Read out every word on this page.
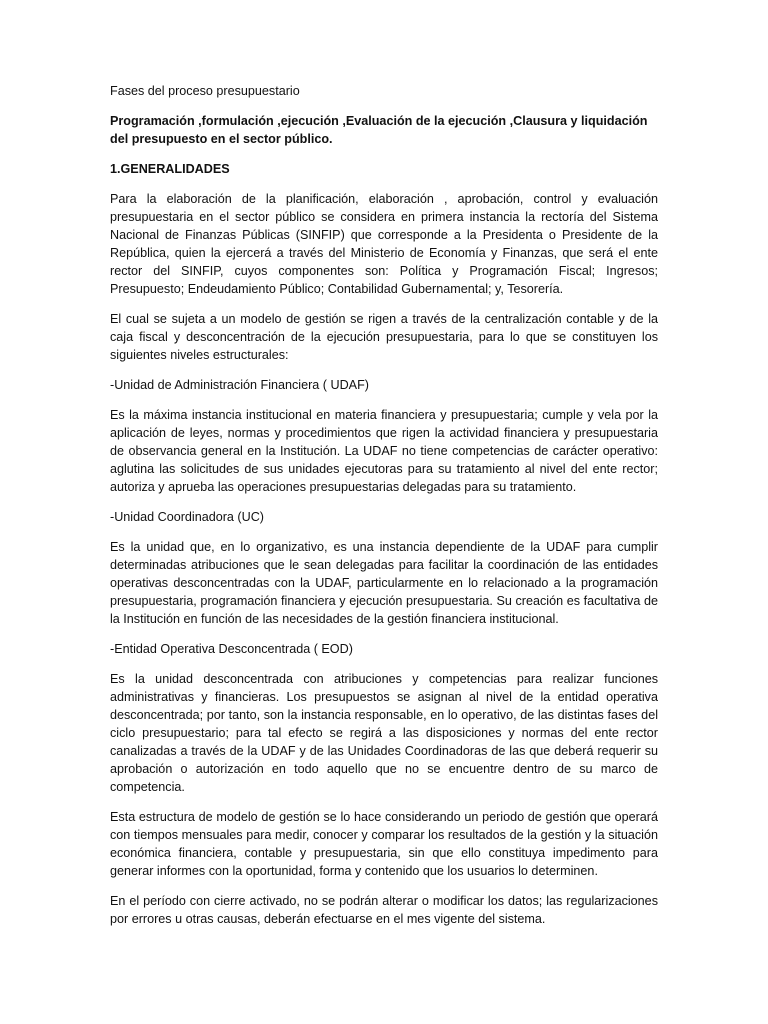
Fases del proceso presupuestario
Programación ,formulación ,ejecución ,Evaluación de la ejecución ,Clausura y liquidación del presupuesto en el sector público.
1.GENERALIDADES

Para la elaboración de la planificación, elaboración , aprobación, control y evaluación presupuestaria en el sector público se considera en primera instancia la rectoría del Sistema Nacional de Finanzas Públicas (SINFIP) que corresponde a la Presidenta o Presidente de la República, quien la ejercerá a través del Ministerio de Economía y Finanzas, que será el ente rector del SINFIP, cuyos componentes son: Política y Programación Fiscal; Ingresos; Presupuesto; Endeudamiento Público; Contabilidad Gubernamental; y, Tesorería.

El cual se sujeta a un modelo de gestión se rigen a través de la centralización contable y de la caja fiscal y desconcentración de la ejecución presupuestaria, para lo que se constituyen los siguientes niveles estructurales:

-Unidad de Administración Financiera ( UDAF)

Es la máxima instancia institucional en materia financiera y presupuestaria; cumple y vela por la aplicación de leyes, normas y procedimientos que rigen la actividad financiera y presupuestaria de observancia general en la Institución. La UDAF no tiene competencias de carácter operativo: aglutina las solicitudes de sus unidades ejecutoras para su tratamiento al nivel del ente rector; autoriza y aprueba las operaciones presupuestarias delegadas para su tratamiento.

-Unidad Coordinadora (UC)

Es la unidad que, en lo organizativo, es una instancia dependiente de la UDAF para cumplir determinadas atribuciones que le sean delegadas para facilitar la coordinación de las entidades operativas desconcentradas con la UDAF, particularmente en lo relacionado a la programación presupuestaria, programación financiera y ejecución presupuestaria. Su creación es facultativa de la Institución en función de las necesidades de la gestión financiera institucional.

-Entidad Operativa Desconcentrada ( EOD)

Es la unidad desconcentrada con atribuciones y competencias para realizar funciones administrativas y financieras. Los presupuestos se asignan al nivel de la entidad operativa desconcentrada; por tanto, son la instancia responsable, en lo operativo, de las distintas fases del ciclo presupuestario; para tal efecto se regirá a las disposiciones y normas del ente rector canalizadas a través de la UDAF y de las Unidades Coordinadoras de las que deberá requerir su aprobación o autorización en todo aquello que no se encuentre dentro de su marco de competencia.

Esta estructura de modelo de gestión se lo hace considerando un periodo de gestión que operará con tiempos mensuales para medir, conocer y comparar los resultados de la gestión y la situación económica financiera, contable y presupuestaria, sin que ello constituya impedimento para generar informes con la oportunidad, forma y contenido que los usuarios lo determinen.

En el período con cierre activado, no se podrán alterar o modificar los datos; las regularizaciones por errores u otras causas, deberán efectuarse en el mes vigente del sistema.
